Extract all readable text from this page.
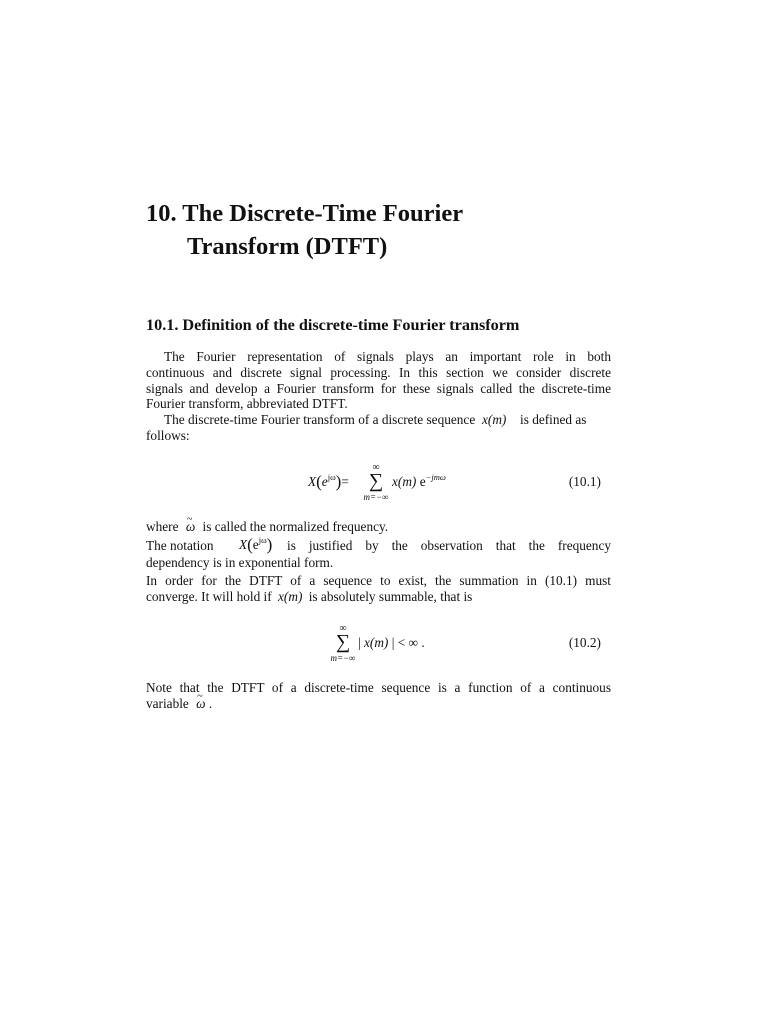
10. The Discrete-Time Fourier
Transform (DTFT)
10.1. Definition of the discrete-time Fourier transform
The Fourier representation of signals plays an important role in both
continuous and discrete signal processing. In this section we consider discrete
signals and develop a Fourier transform for these signals called the discrete-time
Fourier transform, abbreviated DTFT.
The discrete-time Fourier transform of a discrete sequence x(m) is defined as
follows:
$X(e^{j\omega})=$
∞
∑
m=−∞
x(m) $e^{-jm\omega}$	(10.1)
where ~ ω is called the normalized frequency.
The notation $X(e^{j\omega})$ is justified by the observation that the frequency
dependency is in exponential form.
In order for the DTFT of a sequence to exist, the summation in (10.1) must
converge. It will hold if x(m) is absolutely summable, that is
∞
∑
m=−∞
| x(m) | < ∞ .	(10.2)
Note that the DTFT of a discrete-time sequence is a function of a continuous
variable ~ ω .
